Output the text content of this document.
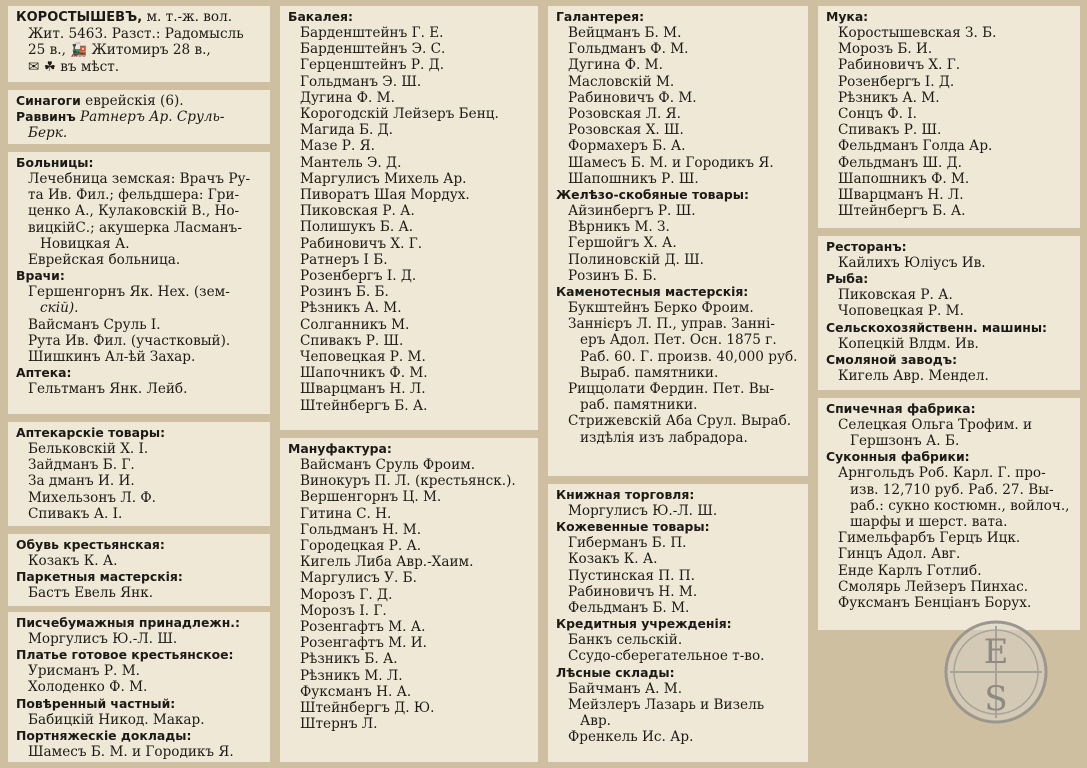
КОРОСТЫШЕВЪ, м. т.-ж. вол.
Жит. 5463. Разст.: Радомысль
25 в., 🚂 Житомиръ 28 в.,
✉ ☘ въ мѣст.
Синагоги еврейскія (6).
Раввинъ Ратнеръ Ар. Сруль-
Берк.
Больницы:
Лечебница земская: Врачъ Ру-
та Ив. Фил.; фельдшера: Гри-
ценко А., Кулаковскій В., Но-
вицкійС.; акушерка Ласманъ-
Новицкая А.
Еврейская больница.
Врачи:
Гершенгорнъ Як. Нех. (зем-
скій).
Вайсманъ Сруль I.
Рута Ив. Фил. (участковый).
Шишкинъ Ал-ѣй Захар.
Аптека:
Гельтманъ Янк. Лейб.
Аптекарскіе товары:
Бельковскій Х. I.
Зайдманъ Б. Г.
За дманъ И. И.
Михельзонъ Л. Ф.
Спивакъ А. I.
Обувь крестьянская:
Козакъ К. А.
Паркетныя мастерскія:
Бастъ Евель Янк.
Писчебумажныя принадлежн.:
Моргулисъ Ю.-Л. Ш.
Платье готовое крестьянское:
Урисманъ Р. М.
Холоденко Ф. М.
Повѣренный частный:
Бабицкій Никод. Макар.
Портняжескіе доклады:
Шамесъ Б. М. и Городикъ Я.
Бакалея:
Барденштейнъ Г. Е.
Барденштейнъ Э. С.
Герценштейнъ Р. Д.
Гольдманъ Э. Ш.
Дугина Ф. М.
Корогодскій Лейзеръ Бенц.
Магида Б. Д.
Мазе Р. Я.
Мантель Э. Д.
Маргулисъ Михель Ар.
Пиворатъ Шая Мордух.
Пиковская Р. А.
Полишукъ Б. А.
Рабиновичъ Х. Г.
Ратнеръ I Б.
Розенбергъ I. Д.
Розинъ Б. Б.
Рѣзникъ А. М.
Солганникъ М.
Спивакъ Р. Ш.
Чеповецкая Р. М.
Шапочникъ Ф. М.
Шварцманъ Н. Л.
Штейнбергъ Б. А.
Мануфактура:
Вайсманъ Сруль Фроим.
Винокуръ П. Л. (крестьянск.).
Вершенгорнъ Ц. М.
Гитина С. Н.
Гольдманъ Н. М.
Городецкая Р. А.
Кигель Либа Авр.-Хаим.
Маргулисъ У. Б.
Морозъ Г. Д.
Морозъ I. Г.
Розенгафтъ М. А.
Розенгафтъ М. И.
Рѣзникъ Б. А.
Рѣзникъ М. Л.
Фуксманъ Н. А.
Штейнбергъ Д. Ю.
Штернъ Л.
Галантерея:
Вейцманъ Б. М.
Гольдманъ Ф. М.
Дугина Ф. М.
Масловскій М.
Рабиновичъ Ф. М.
Розовская Л. Я.
Розовская Х. Ш.
Формахеръ Б. А.
Шамесъ Б. М. и Городикъ Я.
Шапошникъ Р. Ш.
Желѣзо-скобяные товары:
Айзинбергъ Р. Ш.
Вѣрникъ М. З.
Гершойгъ Х. А.
Полиновскій Д. Ш.
Розинъ Б. Б.
Каменотесныя мастерскія:
Букштейнъ Берко Фроим.
Заннієръ Л. П., управ. Занні-
еръ Адол. Пет. Осн. 1875 г.
Раб. 60. Г. произв. 40,000 руб.
Выраб. памятники.
Риццолати Фердин. Пет. Вы-
раб. памятники.
Стрижевскій Аба Срул. Выраб.
издѣлія изъ лабрадора.
Книжная торговля:
Моргулисъ Ю.-Л. Ш.
Кожевенные товары:
Гиберманъ Б. П.
Козакъ К. А.
Пустинская П. П.
Рабиновичъ Н. М.
Фельдманъ Б. М.
Кредитныя учрежденія:
Банкъ сельскій.
Ссудо-сберегательное т-во.
Лѣсные склады:
Байчманъ А. М.
Мейзлеръ Лазарь и Визель
Авр.
Френкель Ис. Ар.
Мука:
Коростышевская З. Б.
Морозъ Б. И.
Рабиновичъ Х. Г.
Розенбергъ I. Д.
Рѣзникъ А. М.
Сонцъ Ф. I.
Спивакъ Р. Ш.
Фельдманъ Голда Ар.
Фельдманъ Ш. Д.
Шапошникъ Ф. М.
Шварцманъ Н. Л.
Штейнбергъ Б. А.
Ресторанъ:
Кайлихъ Юліусъ Ив.
Рыба:
Пиковская Р. А.
Чоповецкая Р. М.
Сельскохозяйственн. машины:
Копецкій Влдм. Ив.
Смоляной заводъ:
Кигель Авр. Мендел.
Спичечная фабрика:
Селецкая Ольга Трофим. и
Гершзонъ А. Б.
Суконныя фабрики:
Арнгольдъ Роб. Карл. Г. про-
изв. 12,710 руб. Раб. 27. Вы-
раб.: сукно костюмн., войлоч.,
шарфы и шерст. вата.
Гимельфарбъ Герцъ Ицк.
Гинцъ Адол. Авг.
Енде Карлъ Готлиб.
Смолярь Лейзеръ Пинхас.
Фуксманъ Бенціанъ Борух.
E
S
